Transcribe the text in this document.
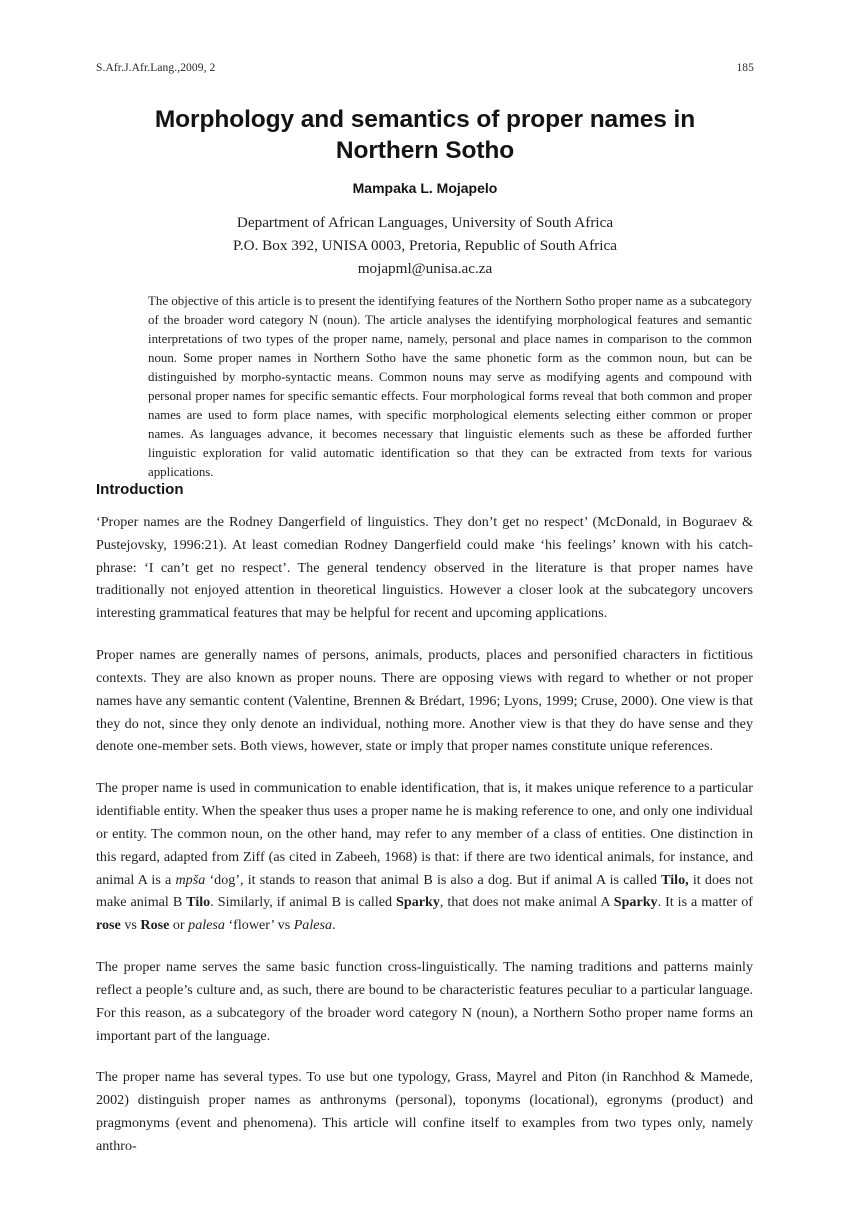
S.Afr.J.Afr.Lang.,2009, 2	185
Morphology and semantics of proper names in Northern Sotho
Mampaka L. Mojapelo
Department of African Languages, University of South Africa
P.O. Box 392, UNISA 0003, Pretoria, Republic of South Africa
mojapml@unisa.ac.za
The objective of this article is to present the identifying features of the Northern Sotho proper name as a subcategory of the broader word category N (noun). The article analyses the identifying morphological features and semantic interpretations of two types of the proper name, namely, personal and place names in comparison to the common noun. Some proper names in Northern Sotho have the same phonetic form as the common noun, but can be distinguished by morpho-syntactic means. Common nouns may serve as modifying agents and compound with personal proper names for specific semantic effects. Four morphological forms reveal that both common and proper names are used to form place names, with specific morphological elements selecting either common or proper names. As languages advance, it becomes necessary that linguistic elements such as these be afforded further linguistic exploration for valid automatic identification so that they can be extracted from texts for various applications.
Introduction

‘Proper names are the Rodney Dangerfield of linguistics. They don’t get no respect’ (McDonald, in Boguraev & Pustejovsky, 1996:21). At least comedian Rodney Dangerfield could make ‘his feelings’ known with his catch-phrase: ‘I can’t get no respect’. The general tendency observed in the literature is that proper names have traditionally not enjoyed attention in theoretical linguistics. However a closer look at the subcategory uncovers interesting grammatical features that may be helpful for recent and upcoming applications.

Proper names are generally names of persons, animals, products, places and personified characters in fictitious contexts. They are also known as proper nouns. There are opposing views with regard to whether or not proper names have any semantic content (Valentine, Brennen & Brédart, 1996; Lyons, 1999; Cruse, 2000). One view is that they do not, since they only denote an individual, nothing more. Another view is that they do have sense and they denote one-member sets. Both views, however, state or imply that proper names constitute unique references.

The proper name is used in communication to enable identification, that is, it makes unique reference to a particular identifiable entity. When the speaker thus uses a proper name he is making reference to one, and only one individual or entity. The common noun, on the other hand, may refer to any member of a class of entities. One distinction in this regard, adapted from Ziff (as cited in Zabeeh, 1968) is that: if there are two identical animals, for instance, and animal A is a mpša ‘dog’, it stands to reason that animal B is also a dog. But if animal A is called Tilo, it does not make animal B Tilo. Similarly, if animal B is called Sparky, that does not make animal A Sparky. It is a matter of rose vs Rose or palesa ‘flower’ vs Palesa.

The proper name serves the same basic function cross-linguistically. The naming traditions and patterns mainly reflect a people’s culture and, as such, there are bound to be characteristic features peculiar to a particular language. For this reason, as a subcategory of the broader word category N (noun), a Northern Sotho proper name forms an important part of the language.

The proper name has several types. To use but one typology, Grass, Mayrel and Piton (in Ranchhod & Mamede, 2002) distinguish proper names as anthronyms (personal), toponyms (locational), egronyms (product) and pragmonyms (event and phenomena). This article will confine itself to examples from two types only, namely anthro-
